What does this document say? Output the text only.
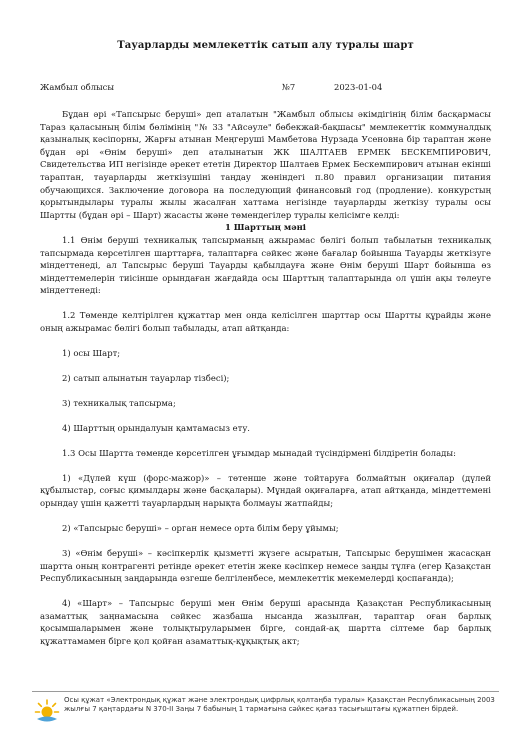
Тауарларды мемлекеттік сатып алу туралы шарт
Жамбыл облысы	№7	2023-01-04

Бұдан әрі «Тапсырыс беруші» деп аталатын "Жамбыл облысы әкімдігінің білім басқармасы Тараз қаласының білім бөлімінің "№ 33 "Айсәуле" бөбекжай-бақшасы" мемлекеттік коммуналдық қазыналық кәсіпорны, Жарғы атынан Меңгеруші Мамбетова Нурзада Усеновна бір тараптан және бұдан әрі «Өнім беруші» деп аталынатын ЖК ШАЛТАЕВ ЕРМЕК БЕСКЕМПИРОВИЧ, Свидетельства ИП негізінде әрекет ететін Директор Шалтаев Ермек Бескемпирович атынан екінші тараптан, тауарларды жеткізушіні таңдау жөніндегі п.80 правил организации питания обучающихся. Заключение договора на последующий финансовый год (продление). конкурстың қорытындылары туралы жылы жасалған хаттама негізінде тауарларды жеткізу туралы осы Шартты (бұдан әрі – Шарт) жасасты және төмендегілер туралы келісімге келді:

1 Шарттың мәні

1.1 Өнім беруші техникалық тапсырманың ажырамас бөлігі болып табылатын техникалық тапсырмада көрсетілген шарттарға, талаптарға сәйкес және бағалар бойынша Тауарды жеткізуге міндеттенеді, ал Тапсырыс беруші Тауарды қабылдауға және Өнім беруші Шарт бойынша өз міндеттемелерін тиісінше орындаған жағдайда осы Шарттың талаптарында ол үшін ақы төлеуге міндеттенеді:

1.2 Төменде келтірілген құжаттар мен онда келісілген шарттар осы Шартты құрайды және оның ажырамас бөлігі болып табылады, атап айтқанда:

1) осы Шарт;

2) сатып алынатын тауарлар тізбесі);

3) техникалық тапсырма;

4) Шарттың орындалуын қамтамасыз ету.

1.3 Осы Шартта төменде көрсетілген ұғымдар мынадай түсіндірмені білдіретін болады:

1) «Дүлей күш (форс-мажор)» – төтенше және тойтаруға болмайтын оқиғалар (дүлей құбылыстар, соғыс қимылдары және басқалары). Мұндай оқиғаларға, атап айтқанда, міндеттемені орындау үшін қажетті тауарлардың нарықта болмауы жатпайды;

2) «Тапсырыс беруші» – орган немесе орта білім беру ұйымы;

3) «Өнім беруші» – кәсіпкерлік қызметті жүзеге асыратын, Тапсырыс берушімен жасасқан шартта оның контрагенті ретінде әрекет ететін жеке кәсіпкер немесе заңды тұлға (егер Қазақстан Республикасының заңдарында өзгеше белгіленбесе, мемлекеттік мекемелерді қоспағанда);

4) «Шарт» – Тапсырыс беруші мен Өнім беруші арасында Қазақстан Республикасының азаматтық заңнамасына сәйкес жазбаша нысанда жазылған, тараптар оған барлық қосымшаларымен және толықтыруларымен бірге, сондай-ақ шартта сілтеме бар барлық құжаттамамен бірге қол қойған азаматтық-құқықтық акт;

Осы құжат «Электрондық құжат және электрондық цифрлық қолтаңба туралы» Қазақстан Республикасының 2003 жылғы 7 қаңтардағы N 370-II Заңы 7 бабының 1 тармағына сәйкес қағаз тасығыштағы құжатпен бірдей.
